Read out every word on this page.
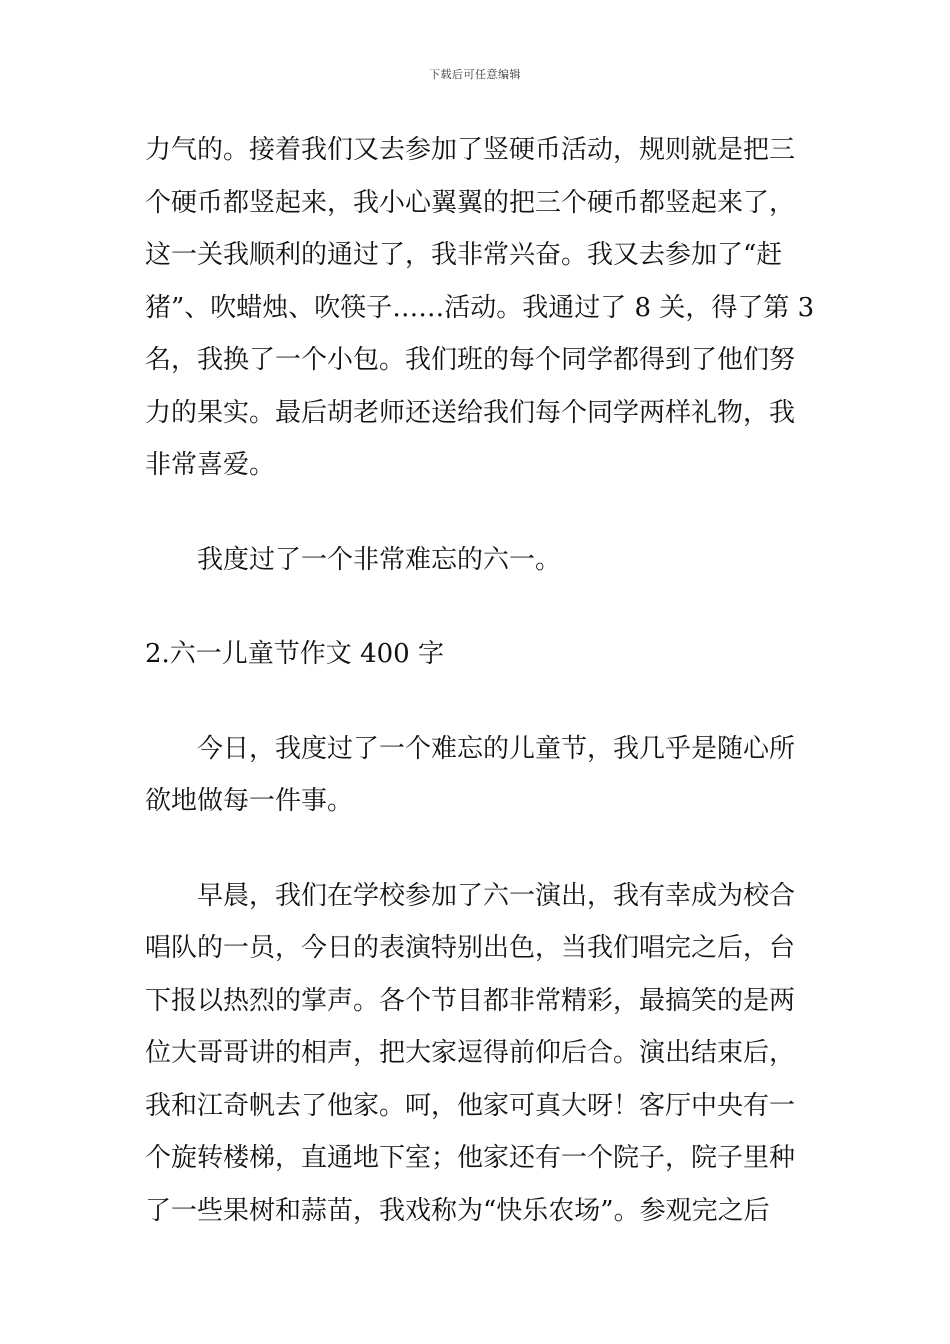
下载后可任意编辑
力气的。接着我们又去参加了竖硬币活动，规则就是把三
个硬币都竖起来，我小心翼翼的把三个硬币都竖起来了，
这一关我顺利的通过了，我非常兴奋。我又去参加了“赶
猪”、吹蜡烛、吹筷子……活动。我通过了 8 关，得了第 3
名，我换了一个小包。我们班的每个同学都得到了他们努
力的果实。最后胡老师还送给我们每个同学两样礼物，我
非常喜爱。
我度过了一个非常难忘的六一。
2.六一儿童节作文 400 字
今日，我度过了一个难忘的儿童节，我几乎是随心所
欲地做每一件事。
早晨，我们在学校参加了六一演出，我有幸成为校合
唱队的一员，今日的表演特别出色，当我们唱完之后，台
下报以热烈的掌声。各个节目都非常精彩，最搞笑的是两
位大哥哥讲的相声，把大家逗得前仰后合。演出结束后，
我和江奇帆去了他家。呵，他家可真大呀！客厅中央有一
个旋转楼梯，直通地下室；他家还有一个院子，院子里种
了一些果树和蒜苗，我戏称为“快乐农场”。参观完之后
